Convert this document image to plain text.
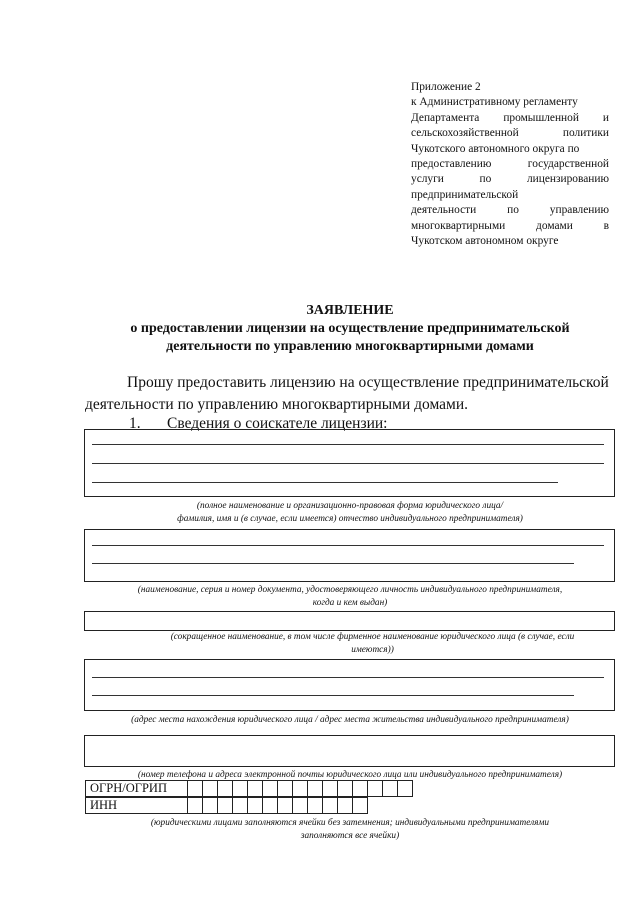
Приложение 2
к Административному регламенту
Департамента промышленной и
сельскохозяйственной политики
Чукотского автономного округа по
предоставлению государственной
услуги по лицензированию
предпринимательской
деятельности по управлению
многоквартирными домами в
Чукотском автономном округе
ЗАЯВЛЕНИЕ
о предоставлении лицензии на осуществление предпринимательской
деятельности по управлению многоквартирными домами
Прошу предоставить лицензию на осуществление предпринимательской
деятельности по управлению многоквартирными домами.
1. Сведения о соискателе лицензии:
(полное наименование и организационно-правовая форма юридического лица/
фамилия, имя и (в случае, если имеется) отчество индивидуального предпринимателя)
(наименование, серия и номер документа, удостоверяющего личность индивидуального предпринимателя,
когда и кем выдан)
(сокращенное наименование, в том числе фирменное наименование юридического лица (в случае, если
имеются))
(адрес места нахождения юридического лица / адрес места жительства индивидуального предпринимателя)
(номер телефона и адреса электронной почты юридического лица или индивидуального предпринимателя)
ОГРН/ОГРИП															
ИНН												
(юридическими лицами заполняются ячейки без затемнения; индивидуальными предпринимателями
заполняются все ячейки)
